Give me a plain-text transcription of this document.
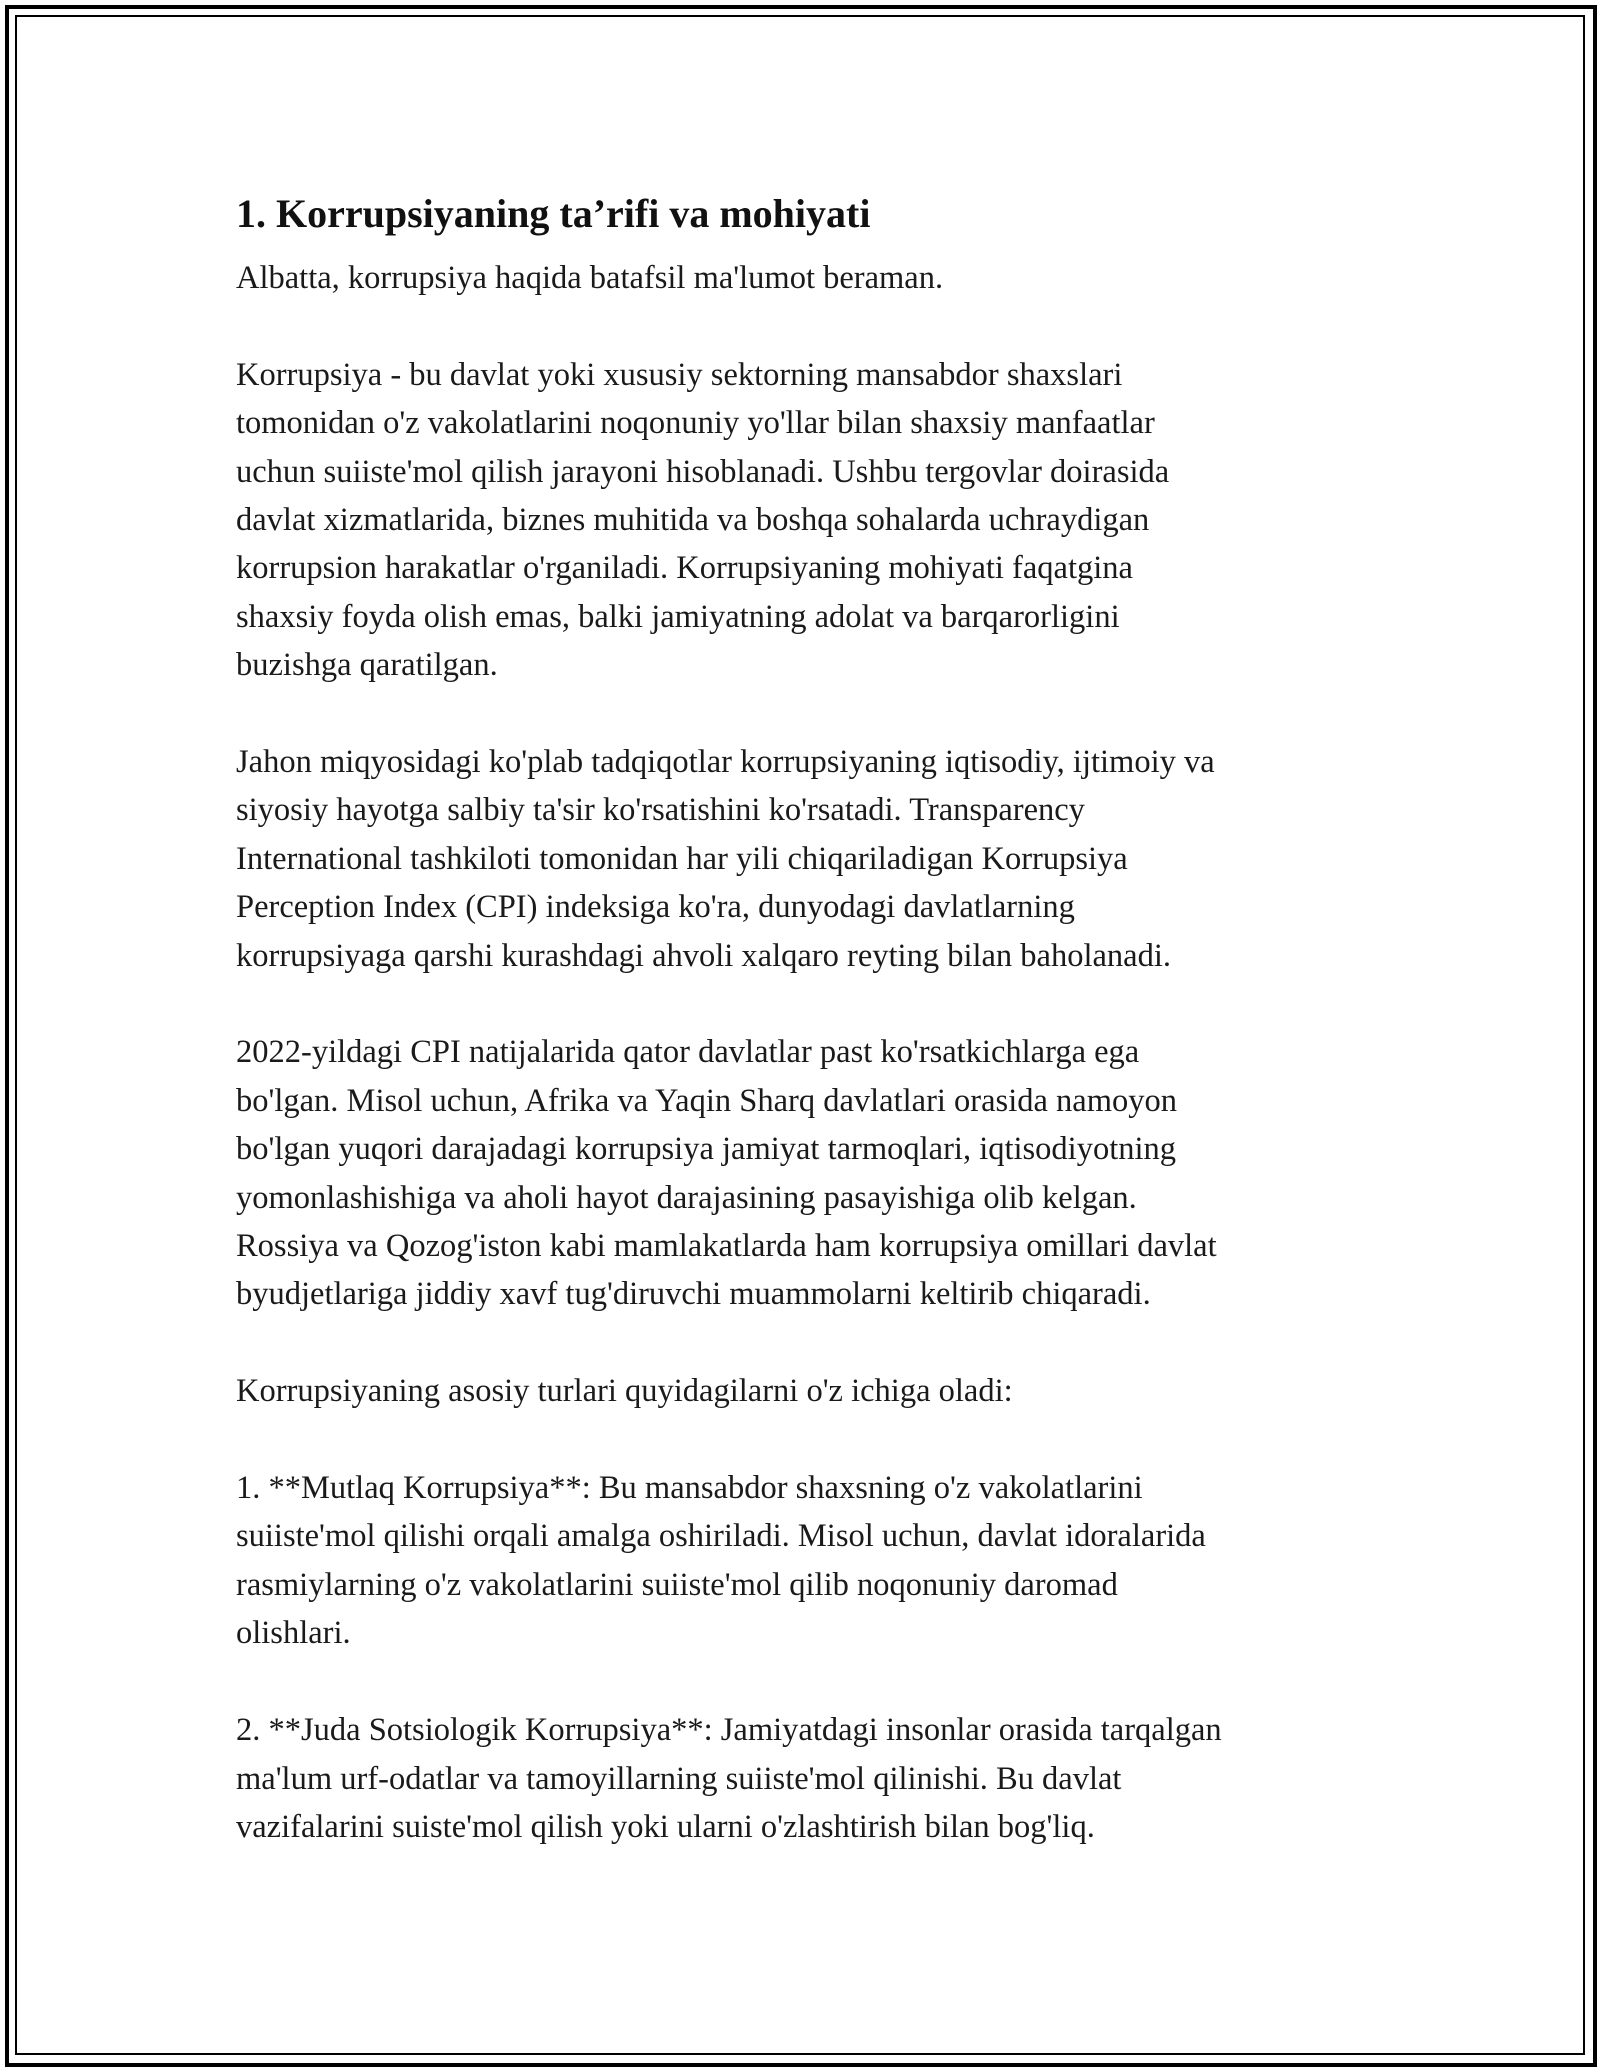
1. Korrupsiyaning ta’rifi va mohiyati

Albatta, korrupsiya haqida batafsil ma'lumot beraman.

Korrupsiya - bu davlat yoki xususiy sektorning mansabdor shaxslari
tomonidan o'z vakolatlarini noqonuniy yo'llar bilan shaxsiy manfaatlar
uchun suiiste'mol qilish jarayoni hisoblanadi. Ushbu tergovlar doirasida
davlat xizmatlarida, biznes muhitida va boshqa sohalarda uchraydigan
korrupsion harakatlar o'rganiladi. Korrupsiyaning mohiyati faqatgina
shaxsiy foyda olish emas, balki jamiyatning adolat va barqarorligini
buzishga qaratilgan.

Jahon miqyosidagi ko'plab tadqiqotlar korrupsiyaning iqtisodiy, ijtimoiy va
siyosiy hayotga salbiy ta'sir ko'rsatishini ko'rsatadi. Transparency
International tashkiloti tomonidan har yili chiqariladigan Korrupsiya
Perception Index (CPI) indeksiga ko'ra, dunyodagi davlatlarning
korrupsiyaga qarshi kurashdagi ahvoli xalqaro reyting bilan baholanadi.

2022-yildagi CPI natijalarida qator davlatlar past ko'rsatkichlarga ega
bo'lgan. Misol uchun, Afrika va Yaqin Sharq davlatlari orasida namoyon
bo'lgan yuqori darajadagi korrupsiya jamiyat tarmoqlari, iqtisodiyotning
yomonlashishiga va aholi hayot darajasining pasayishiga olib kelgan.
Rossiya va Qozog'iston kabi mamlakatlarda ham korrupsiya omillari davlat
byudjetlariga jiddiy xavf tug'diruvchi muammolarni keltirib chiqaradi.

Korrupsiyaning asosiy turlari quyidagilarni o'z ichiga oladi:

1. **Mutlaq Korrupsiya**: Bu mansabdor shaxsning o'z vakolatlarini
suiiste'mol qilishi orqali amalga oshiriladi. Misol uchun, davlat idoralarida
rasmiylarning o'z vakolatlarini suiiste'mol qilib noqonuniy daromad
olishlari.

2. **Juda Sotsiologik Korrupsiya**: Jamiyatdagi insonlar orasida tarqalgan
ma'lum urf-odatlar va tamoyillarning suiiste'mol qilinishi. Bu davlat
vazifalarini suiste'mol qilish yoki ularni o'zlashtirish bilan bog'liq.
